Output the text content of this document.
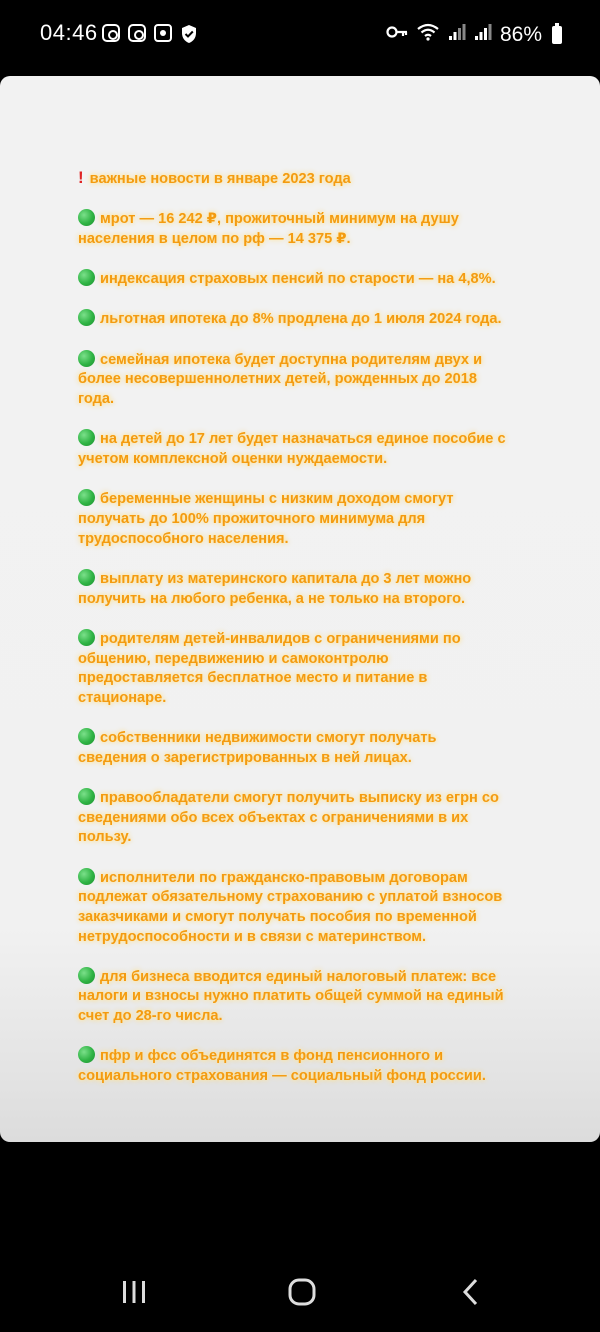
04:46	86%
! важные новости в январе 2023 года
мрот — 16 242 ₽, прожиточный минимум на душу
населения в целом по рф — 14 375 ₽.
индексация страховых пенсий по старости — на 4,8%.
льготная ипотека до 8% продлена до 1 июля 2024 года.
семейная ипотека будет доступна родителям двух и
более несовершеннолетних детей, рожденных до 2018
года.
на детей до 17 лет будет назначаться единое пособие с
учетом комплексной оценки нуждаемости.
беременные женщины с низким доходом смогут
получать до 100% прожиточного минимума для
трудоспособного населения.
выплату из материнского капитала до 3 лет можно
получить на любого ребенка, а не только на второго.
родителям детей-инвалидов с ограничениями по
общению, передвижению и самоконтролю
предоставляется бесплатное место и питание в
стационаре.
собственники недвижимости смогут получать
сведения о зарегистрированных в ней лицах.
правообладатели смогут получить выписку из егрн со
сведениями обо всех объектах с ограничениями в их
пользу.
исполнители по гражданско-правовым договорам
подлежат обязательному страхованию с уплатой взносов
заказчиками и смогут получать пособия по временной
нетрудоспособности и в связи с материнством.
для бизнеса вводится единый налоговый платеж: все
налоги и взносы нужно платить общей суммой на единый
счет до 28-го числа.
пфр и фсс объединятся в фонд пенсионного и
социального страхования — социальный фонд россии.
